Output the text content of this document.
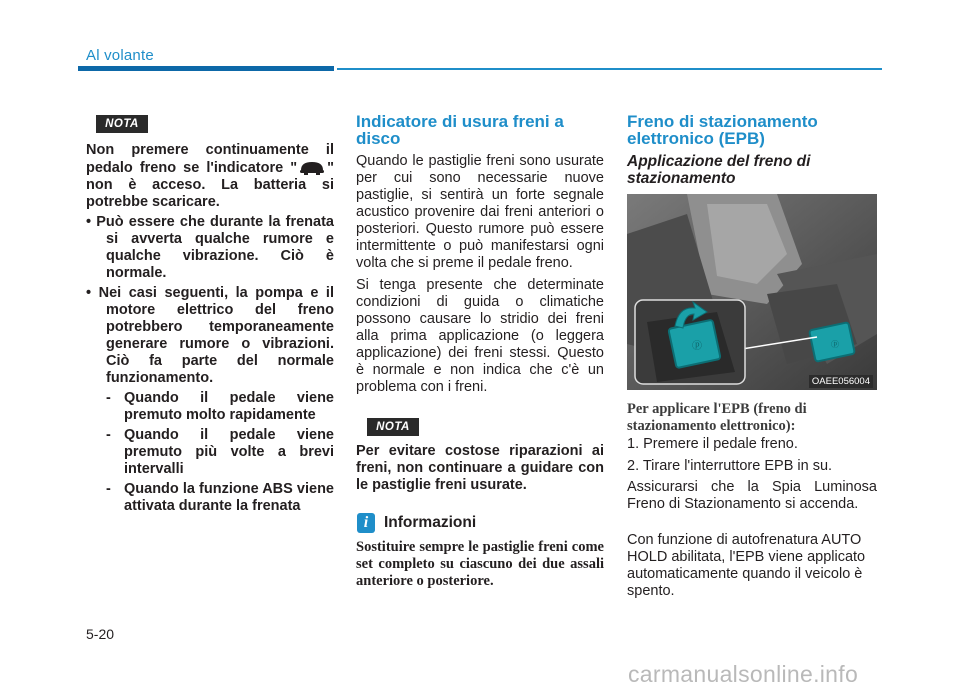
Al volante
NOTA

Non premere continuamente il pedalo freno se l'indicatore " " non è acceso. La batteria si potrebbe scaricare.

• Può essere che durante la frenata si avverta qualche rumore e qualche vibrazione. Ciò è normale.

• Nei casi seguenti, la pompa e il motore elettrico del freno potrebbero temporaneamente generare rumore o vibrazioni. Ciò fa parte del normale funzionamento.

- Quando il pedale viene premuto molto rapidamente

- Quando il pedale viene premuto più volte a brevi intervalli

- Quando la funzione ABS viene attivata durante la frenata

Indicatore di usura freni a disco

Quando le pastiglie freni sono usurate per cui sono necessarie nuove pastiglie, si sentirà un forte segnale acustico provenire dai freni anteriori o posteriori. Questo rumore può essere intermittente o può manifestarsi ogni volta che si preme il pedale freno.

Si tenga presente che determinate condizioni di guida o climatiche possono causare lo stridio dei freni alla prima applicazione (o leggera applicazione) dei freni stessi. Questo è normale e non indica che c'è un problema con i freni.

NOTA
Per evitare costose riparazioni ai freni, non continuare a guidare con le pastiglie freni usurate.
i	Informazioni
Sostituire sempre le pastiglie freni come set completo su ciascuno dei due assali anteriore o posteriore.
Freno di stazionamento elettronico (EPB)
Applicazione del freno di stazionamento
ⓟ	ⓟ
OAEE056004
Per applicare l'EPB (freno di stazionamento elettronico):
1. Premere il pedale freno.
2. Tirare l'interruttore EPB in su.
Assicurarsi che la Spia Luminosa Freno di Stazionamento si accenda.
Con funzione di autofrenatura AUTO HOLD abilitata, l'EPB viene applicato automaticamente quando il veicolo è spento.
5-20
carmanualsonline.info
